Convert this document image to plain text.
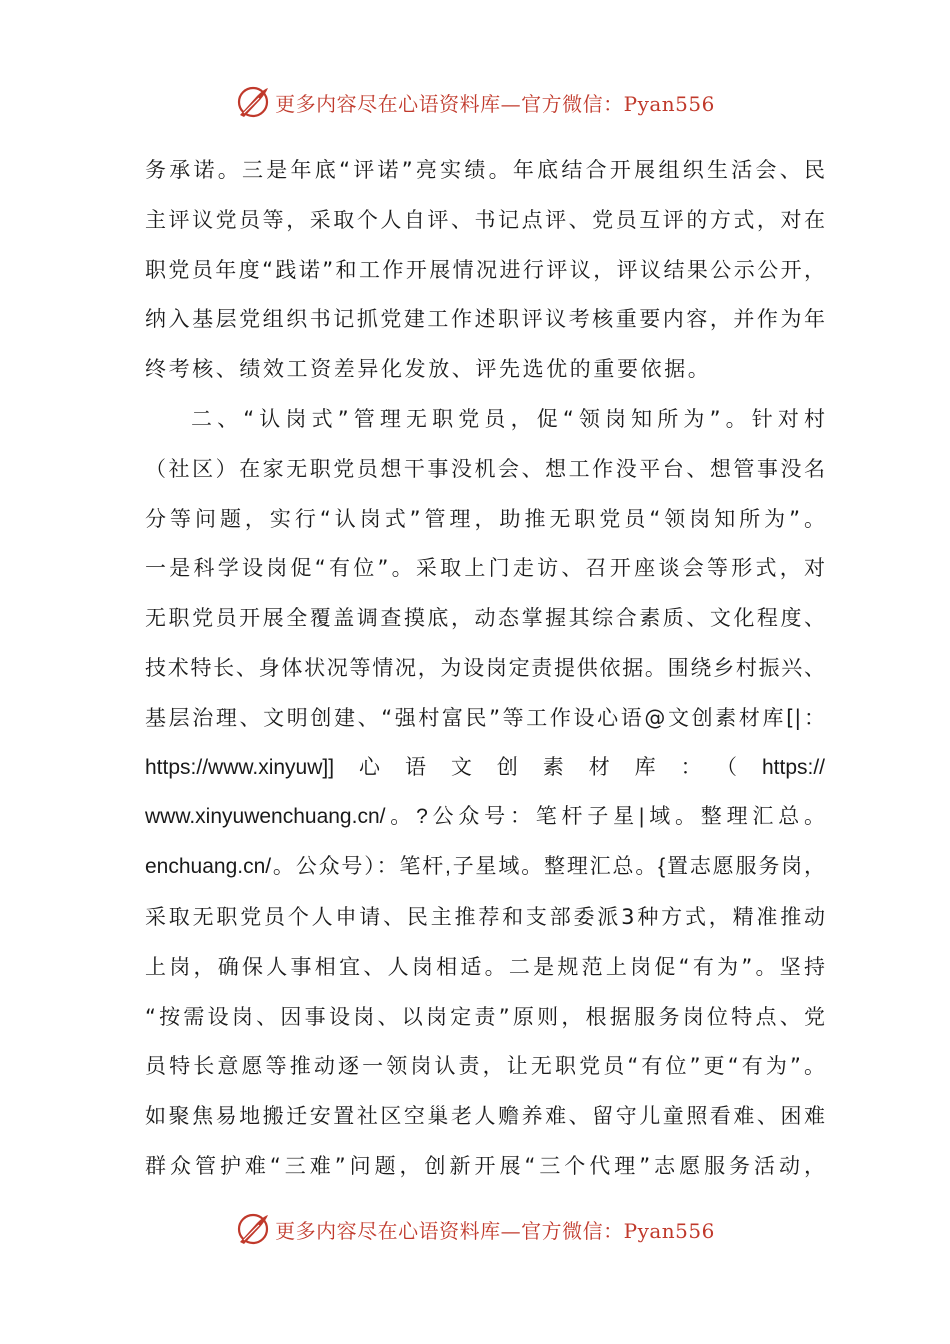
更多内容尽在心语资料库—官方微信：Pyan556
务承诺。三是年底“评诺”亮实绩。年底结合开展组织生活会、民
主评议党员等，采取个人自评、书记点评、党员互评的方式，对在
职党员年度“践诺”和工作开展情况进行评议，评议结果公示公开，
纳入基层党组织书记抓党建工作述职评议考核重要内容，并作为年
终考核、绩效工资差异化发放、评先选优的重要依据。
二、“认岗式”管理无职党员，促“领岗知所为”。针对村
（社区）在家无职党员想干事没机会、想工作没平台、想管事没名
分等问题，实行“认岗式”管理，助推无职党员“领岗知所为”。
一是科学设岗促“有位”。采取上门走访、召开座谈会等形式，对
无职党员开展全覆盖调查摸底，动态掌握其综合素质、文化程度、
技术特长、身体状况等情况，为设岗定责提供依据。围绕乡村振兴、
基层治理、文明创建、“强村富民”等工作设心语@文创素材库[|：
https://www.xinyuw]]心语文创素材库：（https://
www.xinyuwenchuang.cn/。?公众号：笔杆子星|域。整理汇总。
enchuang.cn/。公众号）：笔杆,子星域。整理汇总。{置志愿服务岗，
采取无职党员个人申请、民主推荐和支部委派3种方式，精准推动
上岗，确保人事相宜、人岗相适。二是规范上岗促“有为”。坚持
“按需设岗、因事设岗、以岗定责”原则，根据服务岗位特点、党
员特长意愿等推动逐一领岗认责，让无职党员“有位”更“有为”。
如聚焦易地搬迁安置社区空巢老人赡养难、留守儿童照看难、困难
群众管护难“三难”问题，创新开展“三个代理”志愿服务活动，
更多内容尽在心语资料库—官方微信：Pyan556
